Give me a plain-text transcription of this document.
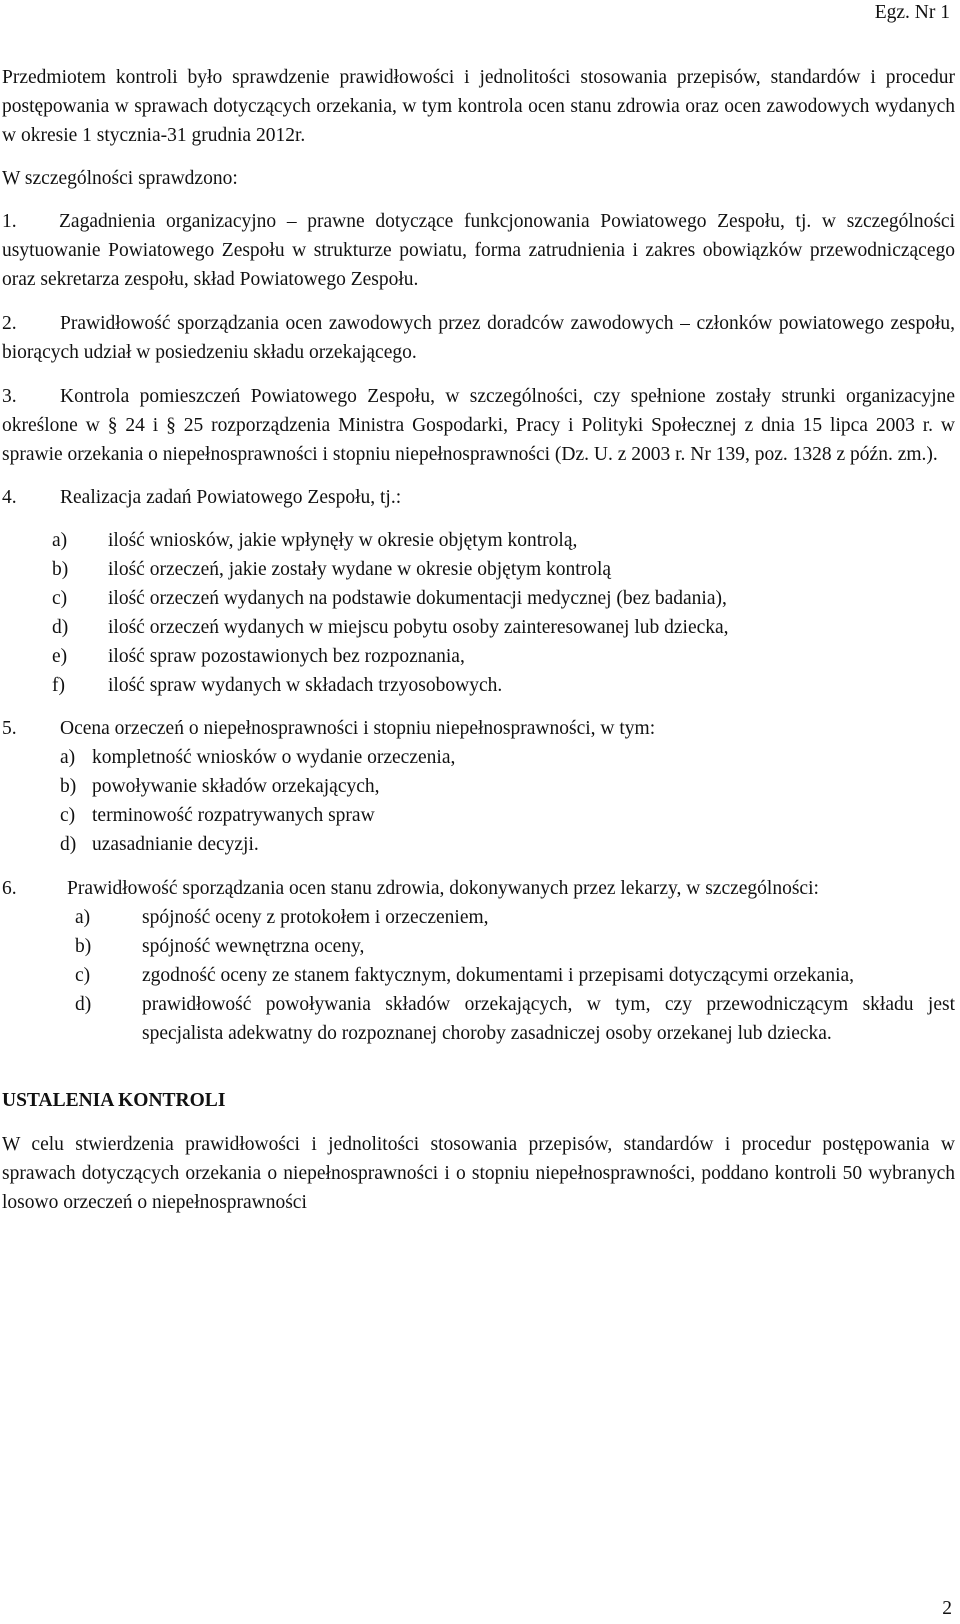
Egz. Nr 1

Przedmiotem kontroli było sprawdzenie prawidłowości i jednolitości stosowania przepisów, standardów i procedur postępowania w sprawach dotyczących orzekania, w tym kontrola ocen stanu zdrowia oraz ocen zawodowych wydanych w okresie 1 stycznia-31 grudnia 2012r.

W szczególności sprawdzono:

1. Zagadnienia organizacyjno – prawne dotyczące funkcjonowania Powiatowego Zespołu, tj. w szczególności usytuowanie Powiatowego Zespołu w strukturze powiatu, forma zatrudnienia i zakres obowiązków przewodniczącego oraz sekretarza zespołu, skład Powiatowego Zespołu.
2. Prawidłowość sporządzania ocen zawodowych przez doradców zawodowych – członków powiatowego zespołu, biorących udział w posiedzeniu składu orzekającego.
3. Kontrola pomieszczeń Powiatowego Zespołu, w szczególności, czy spełnione zostały strunki organizacyjne określone w § 24 i § 25 rozporządzenia Ministra Gospodarki, Pracy i Polityki Społecznej z dnia 15 lipca 2003 r. w sprawie orzekania o niepełnosprawności i stopniu niepełnosprawności (Dz. U. z 2003 r. Nr 139, poz. 1328 z późn. zm.).
4.	Realizacja zadań Powiatowego Zespołu, tj.:
a) ilość wniosków, jakie wpłynęły w okresie objętym kontrolą,
b) ilość orzeczeń, jakie zostały wydane w okresie objętym kontrolą
c) ilość orzeczeń wydanych na podstawie dokumentacji medycznej (bez badania),
d) ilość orzeczeń wydanych w miejscu pobytu osoby zainteresowanej lub dziecka,
e) ilość spraw pozostawionych bez rozpoznania,
f) ilość spraw wydanych w składach trzyosobowych.
5.	Ocena orzeczeń o niepełnosprawności i stopniu niepełnosprawności, w tym:
a) kompletność wniosków o wydanie orzeczenia,
b) powoływanie składów orzekających,
c) terminowość rozpatrywanych spraw
d) uzasadnianie decyzji.
6.	Prawidłowość sporządzania ocen stanu zdrowia, dokonywanych przez lekarzy, w szczególności:
a)	spójność oceny z protokołem i orzeczeniem,
b)	spójność wewnętrzna oceny,
c)	zgodność oceny ze stanem faktycznym, dokumentami i przepisami dotyczącymi orzekania,
d)	prawidłowość powoływania składów orzekających, w tym, czy przewodniczącym składu jest specjalista adekwatny do rozpoznanej choroby zasadniczej osoby orzekanej lub dziecka.

USTALENIA KONTROLI

W celu stwierdzenia prawidłowości i jednolitości stosowania przepisów, standardów i procedur postępowania w sprawach dotyczących orzekania o niepełnosprawności i o stopniu niepełnosprawności, poddano kontroli 50 wybranych losowo orzeczeń o niepełnosprawności

2
